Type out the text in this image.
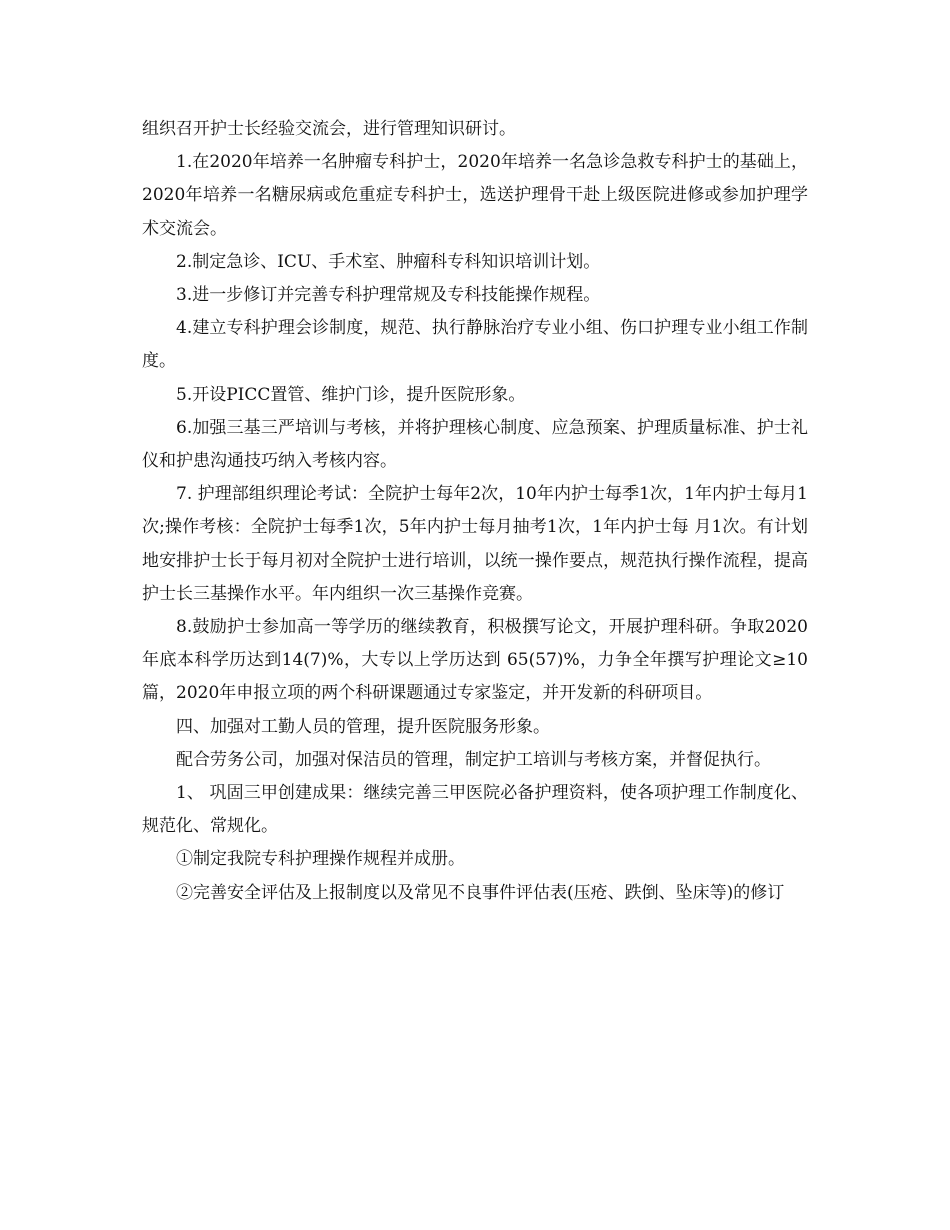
组织召开护士长经验交流会，进行管理知识研讨。

1.在2020年培养一名肿瘤专科护士，2020年培养一名急诊急救专科护士的基础上，2020年培养一名糖尿病或危重症专科护士，选送护理骨干赴上级医院进修或参加护理学术交流会。

2.制定急诊、ICU、手术室、肿瘤科专科知识培训计划。

3.进一步修订并完善专科护理常规及专科技能操作规程。

4.建立专科护理会诊制度，规范、执行静脉治疗专业小组、伤口护理专业小组工作制度。

5.开设PICC置管、维护门诊，提升医院形象。

6.加强三基三严培训与考核，并将护理核心制度、应急预案、护理质量标准、护士礼仪和护患沟通技巧纳入考核内容。

7. 护理部组织理论考试：全院护士每年2次，10年内护士每季1次，1年内护士每月1次;操作考核：全院护士每季1次，5年内护士每月抽考1次，1年内护士每 月1次。有计划地安排护士长于每月初对全院护士进行培训，以统一操作要点，规范执行操作流程，提高护士长三基操作水平。年内组织一次三基操作竞赛。

8.鼓励护士参加高一等学历的继续教育，积极撰写论文，开展护理科研。争取2020年底本科学历达到14(7)%，大专以上学历达到 65(57)%，力争全年撰写护理论文≥10篇，2020年申报立项的两个科研课题通过专家鉴定，并开发新的科研项目。

四、加强对工勤人员的管理，提升医院服务形象。

配合劳务公司，加强对保洁员的管理，制定护工培训与考核方案，并督促执行。

1、 巩固三甲创建成果：继续完善三甲医院必备护理资料，使各项护理工作制度化、规范化、常规化。

①制定我院专科护理操作规程并成册。

②完善安全评估及上报制度以及常见不良事件评估表(压疮、跌倒、坠床等)的修订
